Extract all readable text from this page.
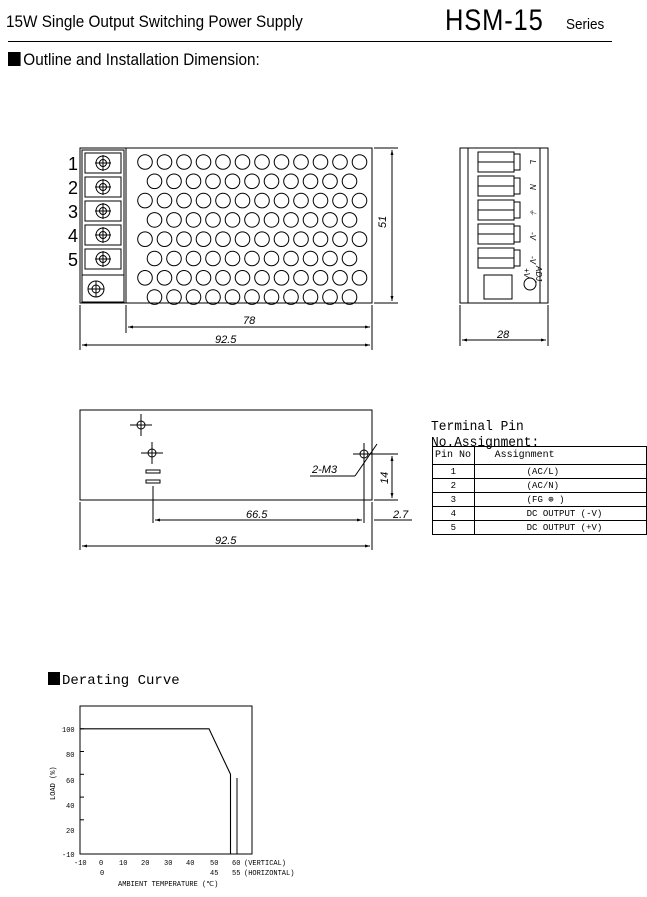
15W Single Output Switching Power Supply	HSM-15 Series
Outline and Installation Dimension:
1
2
3
4
5
51
78
92.5	28
2-M3
14
66.5	2.7
92.5
L
N
⏚
-V
-V
+V ADJ.
100
80
60
40
20
-10
LOAD (%)
-10 0 10 20 30 40 50 60 (VERTICAL)
0	45 55 (HORIZONTAL)
AMBIENT TEMPERATURE (℃)
Terminal Pin No.Assignment:
Pin No	Assignment
1	(AC/L)
2	(AC/N)
3	(FG ⊕ )
4	DC OUTPUT (-V)
5	DC OUTPUT (+V)
Derating Curve
